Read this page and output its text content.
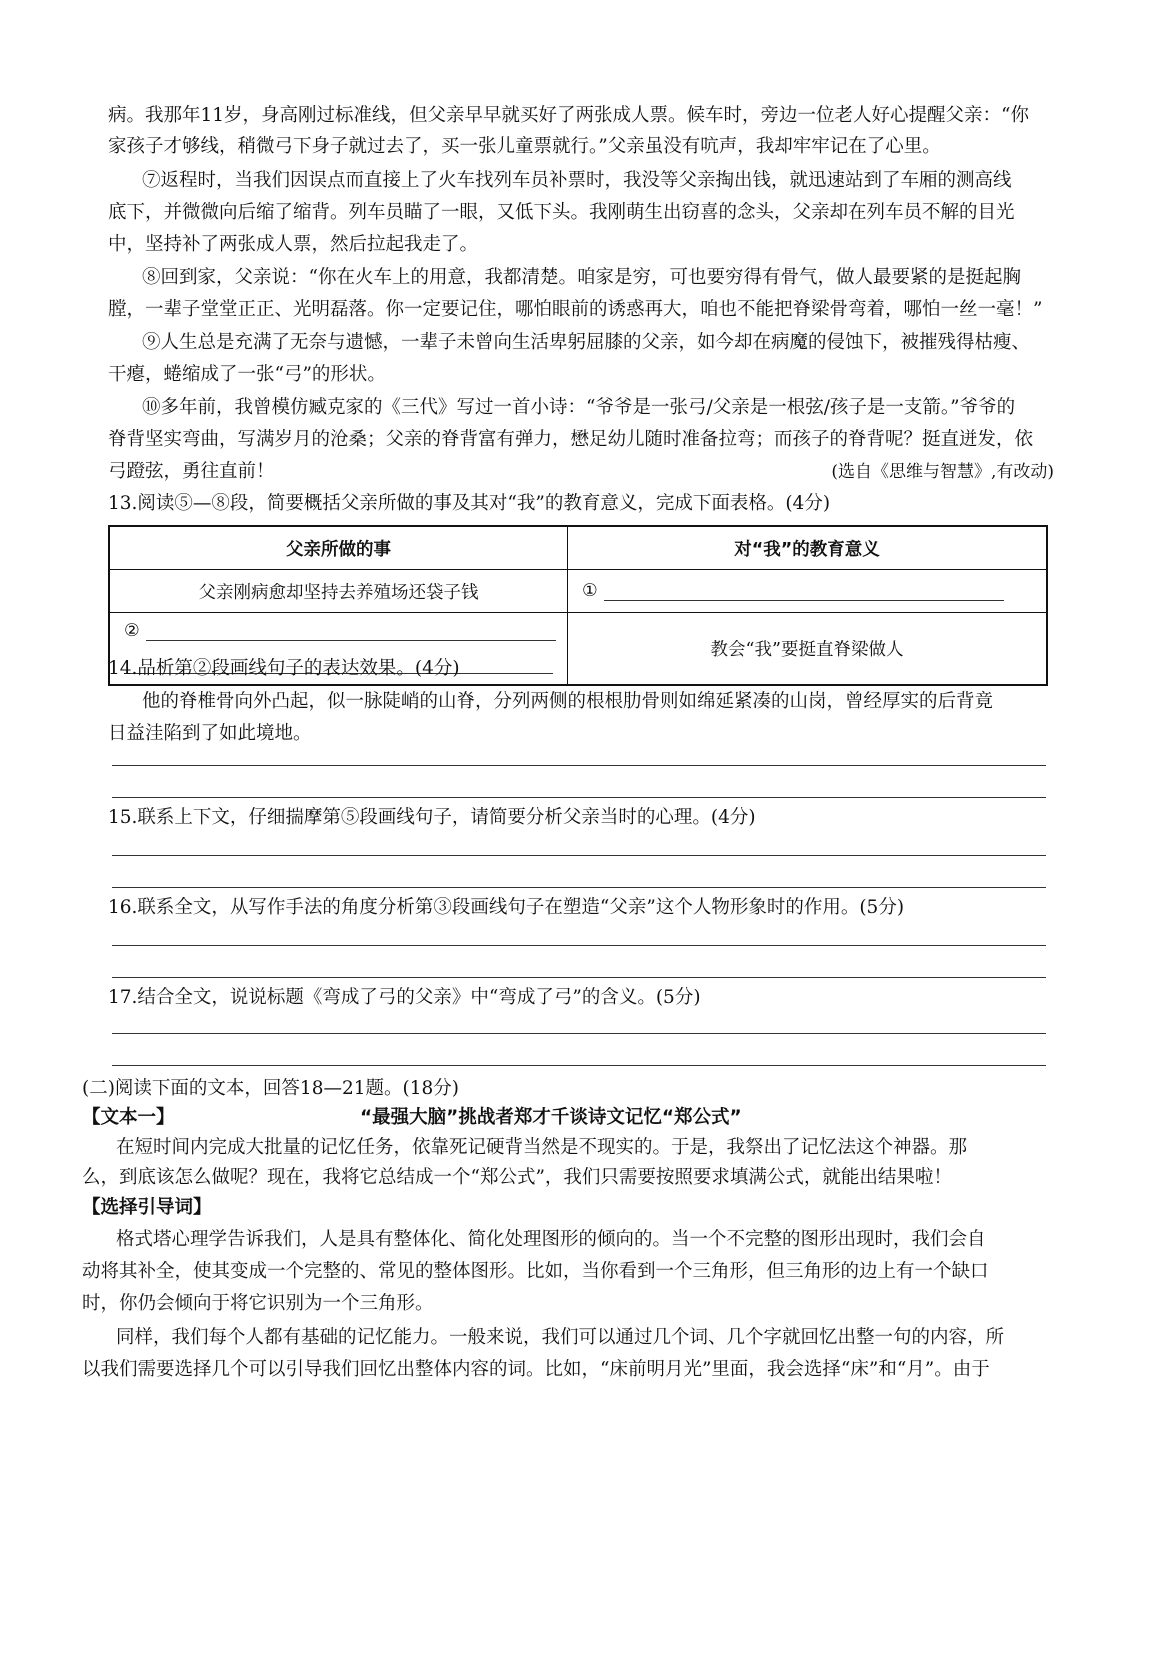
病。我那年11岁，身高刚过标准线，但父亲早早就买好了两张成人票。候车时，旁边一位老人好心提醒父亲：“你
家孩子才够线，稍微弓下身子就过去了，买一张儿童票就行。”父亲虽没有吭声，我却牢牢记在了心里。
⑦返程时，当我们因误点而直接上了火车找列车员补票时，我没等父亲掏出钱，就迅速站到了车厢的测高线
底下，并微微向后缩了缩背。列车员瞄了一眼，又低下头。我刚萌生出窃喜的念头，父亲却在列车员不解的目光
中，坚持补了两张成人票，然后拉起我走了。
⑧回到家，父亲说：“你在火车上的用意，我都清楚。咱家是穷，可也要穷得有骨气，做人最要紧的是挺起胸
膛，一辈子堂堂正正、光明磊落。你一定要记住，哪怕眼前的诱惑再大，咱也不能把脊梁骨弯着，哪怕一丝一毫！”
⑨人生总是充满了无奈与遗憾，一辈子未曾向生活卑躬屈膝的父亲，如今却在病魔的侵蚀下，被摧残得枯瘦、
干瘪，蜷缩成了一张“弓”的形状。
⑩多年前，我曾模仿臧克家的《三代》写过一首小诗：“爷爷是一张弓/父亲是一根弦/孩子是一支箭。”爷爷的
脊背坚实弯曲，写满岁月的沧桑；父亲的脊背富有弹力，懋足幼儿随时准备拉弯；而孩子的脊背呢？挺直迸发，依
弓蹬弦，勇往直前！	(选自《思维与智慧》,有改动)
13.阅读⑤—⑧段，简要概括父亲所做的事及其对“我”的教育意义，完成下面表格。(4分)
父亲所做的事	对“我”的教育意义
父亲刚病愈却坚持去养殖场还袋子钱	①
②	教会“我”要挺直脊梁做人
14.品析第②段画线句子的表达效果。(4分)
他的脊椎骨向外凸起，似一脉陡峭的山脊，分列两侧的根根肋骨则如绵延紧凑的山岗，曾经厚实的后背竟
日益洼陷到了如此境地。
15.联系上下文，仔细揣摩第⑤段画线句子，请简要分析父亲当时的心理。(4分)
16.联系全文，从写作手法的角度分析第③段画线句子在塑造“父亲”这个人物形象时的作用。(5分)
17.结合全文，说说标题《弯成了弓的父亲》中“弯成了弓”的含义。(5分)
(二)阅读下面的文本，回答18—21题。(18分)
【文本一】	“最强大脑”挑战者郑才千谈诗文记忆“郑公式”
在短时间内完成大批量的记忆任务，依靠死记硬背当然是不现实的。于是，我祭出了记忆法这个神器。那
么，到底该怎么做呢？现在，我将它总结成一个“郑公式”，我们只需要按照要求填满公式，就能出结果啦！
【选择引导词】
格式塔心理学告诉我们，人是具有整体化、简化处理图形的倾向的。当一个不完整的图形出现时，我们会自
动将其补全，使其变成一个完整的、常见的整体图形。比如，当你看到一个三角形，但三角形的边上有一个缺口
时，你仍会倾向于将它识别为一个三角形。
同样，我们每个人都有基础的记忆能力。一般来说，我们可以通过几个词、几个字就回忆出整一句的内容，所
以我们需要选择几个可以引导我们回忆出整体内容的词。比如，“床前明月光”里面，我会选择“床”和“月”。由于
